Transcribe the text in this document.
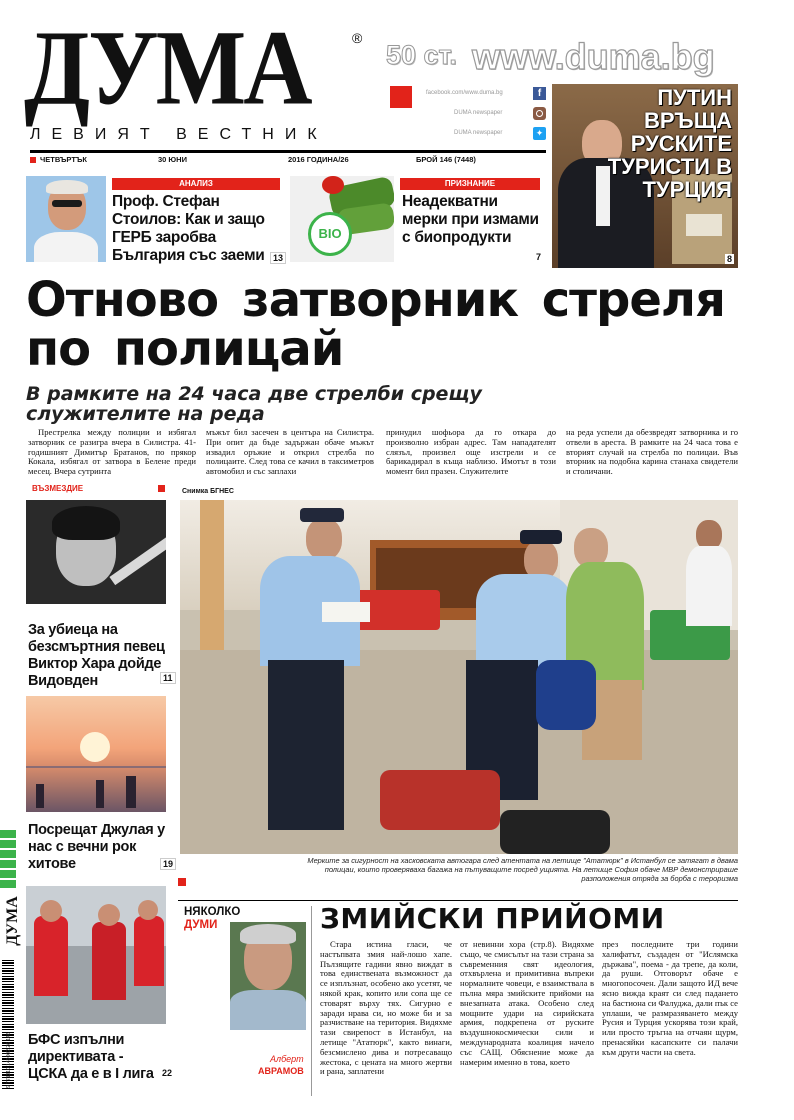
ДУМА	®
ЛЕВИЯТ ВЕСТНИК
50 ст. www.duma.bg
facebook.com/www.duma.bg	f
DUMA newspaper
DUMA newspaper	✦
ЧЕТВЪРТЪК	30 ЮНИ	2016 ГОДИНА/26	БРОЙ 146 (7448)
АНАЛИЗ
Проф. Стефан Стоилов: Как и защо ГЕРБ заробва България със заеми 13
BIO
ПРИЗНАНИЕ
Неадекватни мерки при измами с биопродукти
7
ПУТИН ВРЪЩА РУСКИТЕ ТУРИСТИ В ТУРЦИЯ
8
Отново затворник стреля по полицай
В рамките на 24 часа две стрелби срещу служителите на реда
Престрелка между полиции и избягал затворник се разигра вчера в Силистра. 41-годишният Димитър Братанов, по прякор Кокала, избягал от затвора в Белене преди месец. Вчера сутринта
мъжът бил засечен в центъра на Силистра. При опит да бъде задържан обаче мъжът извадил оръжие и открил стрелба по полицаите. След това се качил в таксиметров автомобил и със заплахи
принудил шофьора да го откара до произволно избран адрес. Там нападателят слязъл, произвел още изстрели и се барикадирал в къща наблизо. Имотът в този момент бил празен. Служителите
на реда успели да обезвредят затворника и го отвели в ареста. В рамките на 24 часа това е вторият случай на стрелба по полицаи. Във вторник на подобна карина станаха свидетели и столичани.
ВЪЗМЕЗДИЕ
За убиеца на безсмъртния певец Виктор Хара дойде Видовден	11
Посрещат Джулая у нас с вечни рок хитове	19
БФС изпълни директивата - ЦСКА да е в I лига 22
ДУМА
9 771310 149002 26 146
Снимка БГНЕС
Мерките за сигурност на хасковската автогара след атентата на летище "Ататюрк" в Истанбул се затягат в двама полицаи, които проверяваха багажа на пътуващите посред ущията. На летище София обаче МВР демонстрираше разположения отряда за борба с тероризма
НЯКОЛКО
ДУМИ
Алберт
АВРАМОВ
ЗМИЙСКИ ПРИЙОМИ
Стара истина гласи, че настъпвата змия най-лошо хапе. Пълзящите гадини явно виждат в това единствената възможност да се изплъзнат, особено ако усетят, че някой крак, копито или сопа ще се стоварят върху тях. Сигурно е заради нрава си, но може би и за разчистване на територия. Видяхме тази свирепост в Истанбул, на летище "Ататюрк", както винаги, безсмислено дива и потресаващо жестока, с цената на много жертви и рана, заплатени
от невинни хора (стр.8). Видяхме също, че смисълът на тази страна за съвременния свят идеология, отхвърлена и примитивна въпреки нормалните човеци, е взаимствала в пълна мяра змийските прийоми на внезапната атака. Особено след мощните удари на сирийската армия, подкрепена от руските въздушнокосмически сили и международната коалиция начело със САЩ. Обяснение може да намерим именно в това, което
през последните три години халифатът, създаден от "Ислямска държава", поема - да трепе, да коли, да руши. Отговорът обаче е многопосочен. Дали защото ИД вече ясно вижда краят си след падането на бастиона си Фалуджа, дали пък се уплаши, че размразяването между Русия и Турция ускорява този край, или просто тръгна на отчаян щурм, пренасяйки касапските си палачи към други части на света.
